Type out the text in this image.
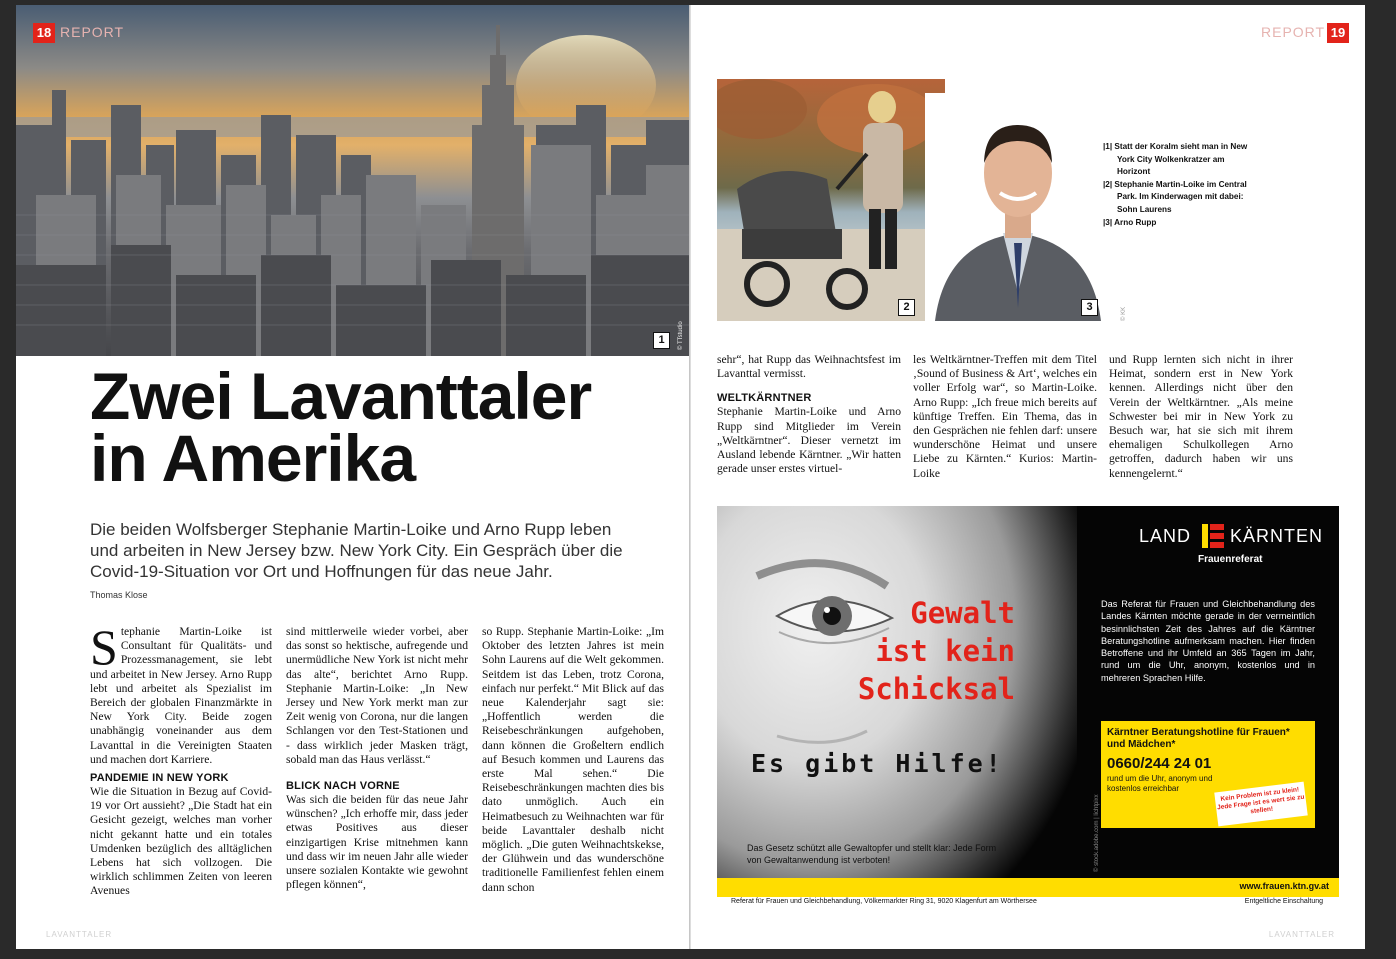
1	© TTstudio
18 REPORT
Zwei Lavanttaler
in Amerika

Die beiden Wolfsberger Stephanie Martin-Loike und Arno Rupp leben und arbeiten in New Jersey bzw. New York City. Ein Gespräch über die Covid-19-Situation vor Ort und Hoffnungen für das neue Jahr.

Thomas Klose

Stephanie Martin-Loike ist Consultant für Qualitäts- und Prozessmanagement, sie lebt und arbeitet in New Jersey. Arno Rupp lebt und arbeitet als Spezialist im Bereich der globalen Finanzmärkte in New York City. Beide zogen unabhängig voneinander aus dem Lavanttal in die Vereinigten Staaten und machen dort Karriere.

PANDEMIE IN NEW YORK

Wie die Situation in Bezug auf Covid-19 vor Ort aussieht? „Die Stadt hat ein Gesicht gezeigt, welches man vorher nicht gekannt hatte und ein totales Umdenken bezüglich des alltäglichen Lebens hat sich vollzogen. Die wirklich schlimmen Zeiten von leeren Avenues

sind mittlerweile wieder vorbei, aber das sonst so hektische, aufregende und unermüdliche New York ist nicht mehr das alte“, berichtet Arno Rupp. Stephanie Martin-Loike: „In New Jersey und New York merkt man zur Zeit wenig von Corona, nur die langen Schlangen vor den Test-Stationen und - dass wirklich jeder Masken trägt, sobald man das Haus verlässt.“

BLICK NACH VORNE

Was sich die beiden für das neue Jahr wünschen? „Ich erhoffe mir, dass jeder etwas Positives aus dieser einzigartigen Krise mitnehmen kann und dass wir im neuen Jahr alle wieder unsere sozialen Kontakte wie gewohnt pflegen können“,

so Rupp. Stephanie Martin-Loike: „Im Oktober des letzten Jahres ist mein Sohn Laurens auf die Welt gekommen. Seitdem ist das Leben, trotz Corona, einfach nur perfekt.“ Mit Blick auf das neue Kalenderjahr sagt sie: „Hoffentlich werden die Reisebeschränkungen aufgehoben, dann können die Großeltern endlich auf Besuch kommen und Laurens das erste Mal sehen.“ Die Reisebeschränkungen machten dies bis dato unmöglich. Auch ein Heimatbesuch zu Weihnachten war für beide Lavanttaler deshalb nicht möglich. „Die guten Weihnachtskekse, der Glühwein und das wunderschöne traditionelle Familienfest fehlen einem dann schon

LAVANTTALER
REPORT 19
2	3	© KK
|1| Statt der Koralm sieht man in New York City Wolkenkratzer am Horizont
|2| Stephanie Martin-Loike im Central Park. Im Kinderwagen mit dabei: Sohn Laurens
|3| Arno Rupp

sehr“, hat Rupp das Weihnachtsfest im Lavanttal vermisst.

WELTKÄRNTNER

Stephanie Martin-Loike und Arno Rupp sind Mitglieder im Verein „Weltkärntner“. Dieser vernetzt im Ausland lebende Kärntner. „Wir hatten gerade unser erstes virtuel-

les Weltkärntner-Treffen mit dem Titel ‚Sound of Business & Art‘, welches ein voller Erfolg war“, so Martin-Loike. Arno Rupp: „Ich freue mich bereits auf künftige Treffen. Ein Thema, das in den Gesprächen nie fehlen darf: unsere wunderschöne Heimat und unsere Liebe zu Kärnten.“ Kurios: Martin-Loike

und Rupp lernten sich nicht in ihrer Heimat, sondern erst in New York kennen. Allerdings nicht über den Verein der Weltkärntner. „Als meine Schwester bei mir in New York zu Besuch war, hat sie sich mit ihrem ehemaligen Schulkollegen Arno getroffen, dadurch haben wir uns kennengelernt.“

LAND KÄRNTEN
Frauenreferat
Gewalt
ist kein Schicksal
Es gibt Hilfe!
Das Gesetz schützt alle Gewaltopfer und stellt klar: Jede Form von Gewaltanwendung ist verboten!
Das Referat für Frauen und Gleichbehandlung des Landes Kärnten möchte gerade in der vermeintlich besinnlichsten Zeit des Jahres auf die Kärntner Beratungshotline aufmerksam machen. Hier finden Betroffene und ihr Umfeld an 365 Tagen im Jahr, rund um die Uhr, anonym, kostenlos und in mehreren Sprachen Hilfe.
Kärntner Beratungshotline für Frauen* und Mädchen*
0660/244 24 01
rund um die Uhr, anonym und kostenlos erreichbar	Kein Problem ist zu klein! Jede Frage ist es wert sie zu stellen!
© stock.adobe.com | lichtpixx
www.frauen.ktn.gv.at
Referat für Frauen und Gleichbehandlung, Völkermarkter Ring 31, 9020 Klagenfurt am Wörthersee	Entgeltliche Einschaltung
LAVANTTALER
